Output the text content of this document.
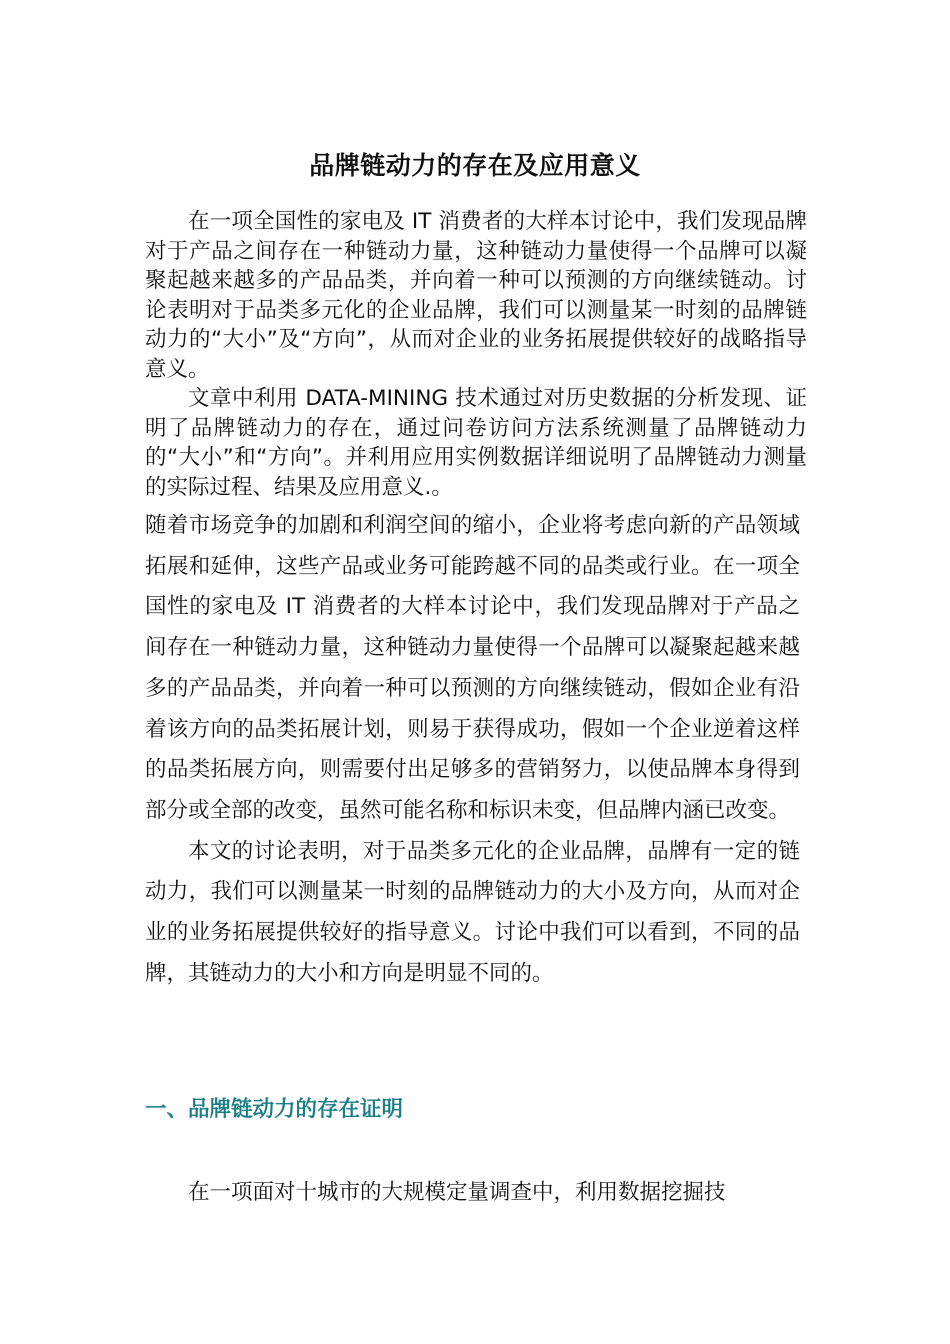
品牌链动力的存在及应用意义

在一项全国性的家电及 IT 消费者的大样本讨论中，我们发现品牌对于产品之间存在一种链动力量，这种链动力量使得一个品牌可以凝聚起越来越多的产品品类，并向着一种可以预测的方向继续链动。讨论表明对于品类多元化的企业品牌，我们可以测量某一时刻的品牌链动力的“大小”及“方向”，从而对企业的业务拓展提供较好的战略指导意义。

文章中利用 DATA-MINING 技术通过对历史数据的分析发现、证明了品牌链动力的存在，通过问卷访问方法系统测量了品牌链动力的“大小”和“方向”。并利用应用实例数据详细说明了品牌链动力测量的实际过程、结果及应用意义.。

随着市场竞争的加剧和利润空间的缩小，企业将考虑向新的产品领域拓展和延伸，这些产品或业务可能跨越不同的品类或行业。在一项全国性的家电及 IT 消费者的大样本讨论中，我们发现品牌对于产品之间存在一种链动力量，这种链动力量使得一个品牌可以凝聚起越来越多的产品品类，并向着一种可以预测的方向继续链动，假如企业有沿着该方向的品类拓展计划，则易于获得成功，假如一个企业逆着这样的品类拓展方向，则需要付出足够多的营销努力，以使品牌本身得到部分或全部的改变，虽然可能名称和标识未变，但品牌内涵已改变。

本文的讨论表明，对于品类多元化的企业品牌，品牌有一定的链动力，我们可以测量某一时刻的品牌链动力的大小及方向，从而对企业的业务拓展提供较好的指导意义。讨论中我们可以看到，不同的品牌，其链动力的大小和方向是明显不同的。

一、品牌链动力的存在证明

在一项面对十城市的大规模定量调查中，利用数据挖掘技
